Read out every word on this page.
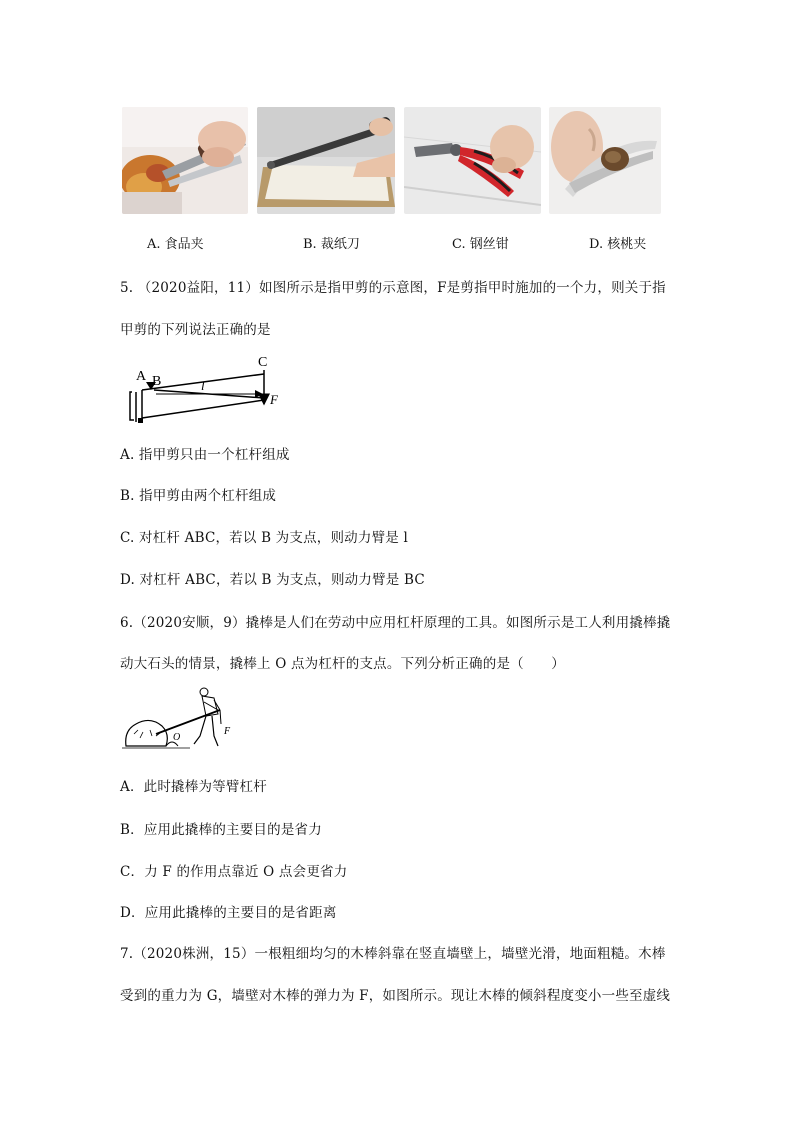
A. 食品夹	B. 裁纸刀	C. 钢丝钳	D. 核桃夹
5. （2020益阳，11）如图所示是指甲剪的示意图，F是剪指甲时施加的一个力，则关于指
甲剪的下列说法正确的是
A B
C
l
F
A. 指甲剪只由一个杠杆组成
B. 指甲剪由两个杠杆组成
C. 对杠杆 ABC，若以 B 为支点，则动力臂是 l
D. 对杠杆 ABC，若以 B 为支点，则动力臂是 BC
6.（2020安顺，9）撬棒是人们在劳动中应用杠杆原理的工具。如图所示是工人利用撬棒撬
动大石头的情景，撬棒上 O 点为杠杆的支点。下列分析正确的是（　　）
O
F
A．此时撬棒为等臂杠杆
B．应用此撬棒的主要目的是省力
C．力 F 的作用点靠近 O 点会更省力
D．应用此撬棒的主要目的是省距离
7.（2020株洲，15）一根粗细均匀的木棒斜靠在竖直墙壁上，墙壁光滑，地面粗糙。木棒
受到的重力为 G，墙壁对木棒的弹力为 F，如图所示。现让木棒的倾斜程度变小一些至虚线
